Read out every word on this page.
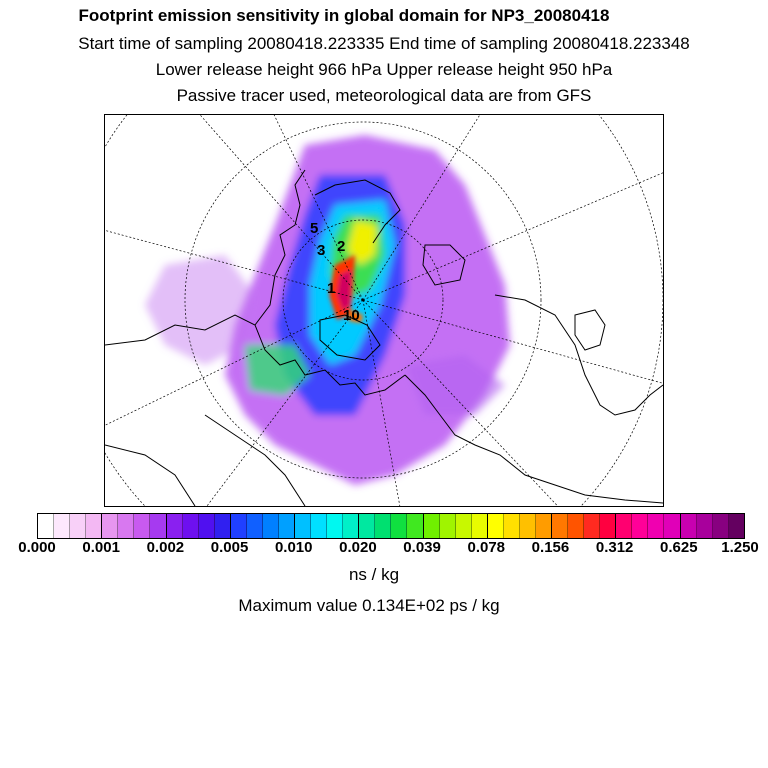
Footprint emission sensitivity in global domain for NP3_20080418
Start time of sampling 20080418.223335 End time of sampling 20080418.223348
Lower release height 966 hPa Upper release height 950 hPa
Passive tracer used, meteorological data are from GFS
5
3 2
1
10
0.000 0.001 0.002 0.005 0.010 0.020 0.039 0.078 0.156 0.312 0.625 1.250
ns / kg
Maximum value 0.134E+02 ps / kg
